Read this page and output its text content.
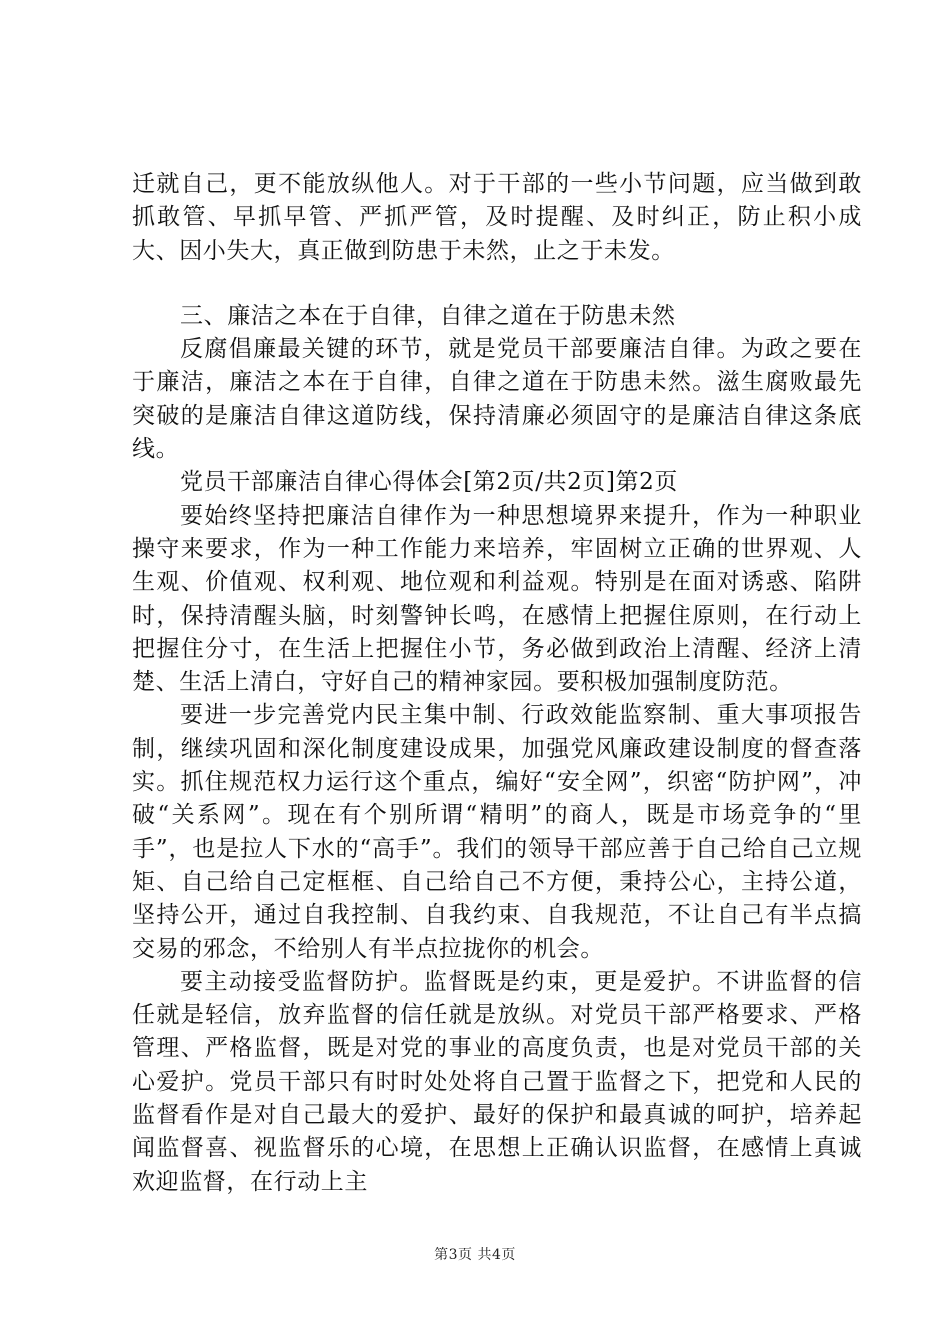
迁就自己，更不能放纵他人。对于干部的一些小节问题，应当做到敢抓敢管、早抓早管、严抓严管，及时提醒、及时纠正，防止积小成大、因小失大，真正做到防患于未然，止之于未发。

三、廉洁之本在于自律，自律之道在于防患未然

反腐倡廉最关键的环节，就是党员干部要廉洁自律。为政之要在于廉洁，廉洁之本在于自律，自律之道在于防患未然。滋生腐败最先突破的是廉洁自律这道防线，保持清廉必须固守的是廉洁自律这条底线。

党员干部廉洁自律心得体会[第2页/共2页]第2页

要始终坚持把廉洁自律作为一种思想境界来提升，作为一种职业操守来要求，作为一种工作能力来培养，牢固树立正确的世界观、人生观、价值观、权利观、地位观和利益观。特别是在面对诱惑、陷阱时，保持清醒头脑，时刻警钟长鸣，在感情上把握住原则，在行动上把握住分寸，在生活上把握住小节，务必做到政治上清醒、经济上清楚、生活上清白，守好自己的精神家园。要积极加强制度防范。

要进一步完善党内民主集中制、行政效能监察制、重大事项报告制，继续巩固和深化制度建设成果，加强党风廉政建设制度的督查落实。抓住规范权力运行这个重点，编好“安全网”，织密“防护网”，冲破“关系网”。现在有个别所谓“精明”的商人，既是市场竞争的“里手”，也是拉人下水的“高手”。我们的领导干部应善于自己给自己立规矩、自己给自己定框框、自己给自己不方便，秉持公心，主持公道，坚持公开，通过自我控制、自我约束、自我规范，不让自己有半点搞交易的邪念，不给别人有半点拉拢你的机会。

要主动接受监督防护。监督既是约束，更是爱护。不讲监督的信任就是轻信，放弃监督的信任就是放纵。对党员干部严格要求、严格管理、严格监督，既是对党的事业的高度负责，也是对党员干部的关心爱护。党员干部只有时时处处将自己置于监督之下，把党和人民的监督看作是对自己最大的爱护、最好的保护和最真诚的呵护，培养起闻监督喜、视监督乐的心境，在思想上正确认识监督，在感情上真诚欢迎监督，在行动上主

第3页 共4页
